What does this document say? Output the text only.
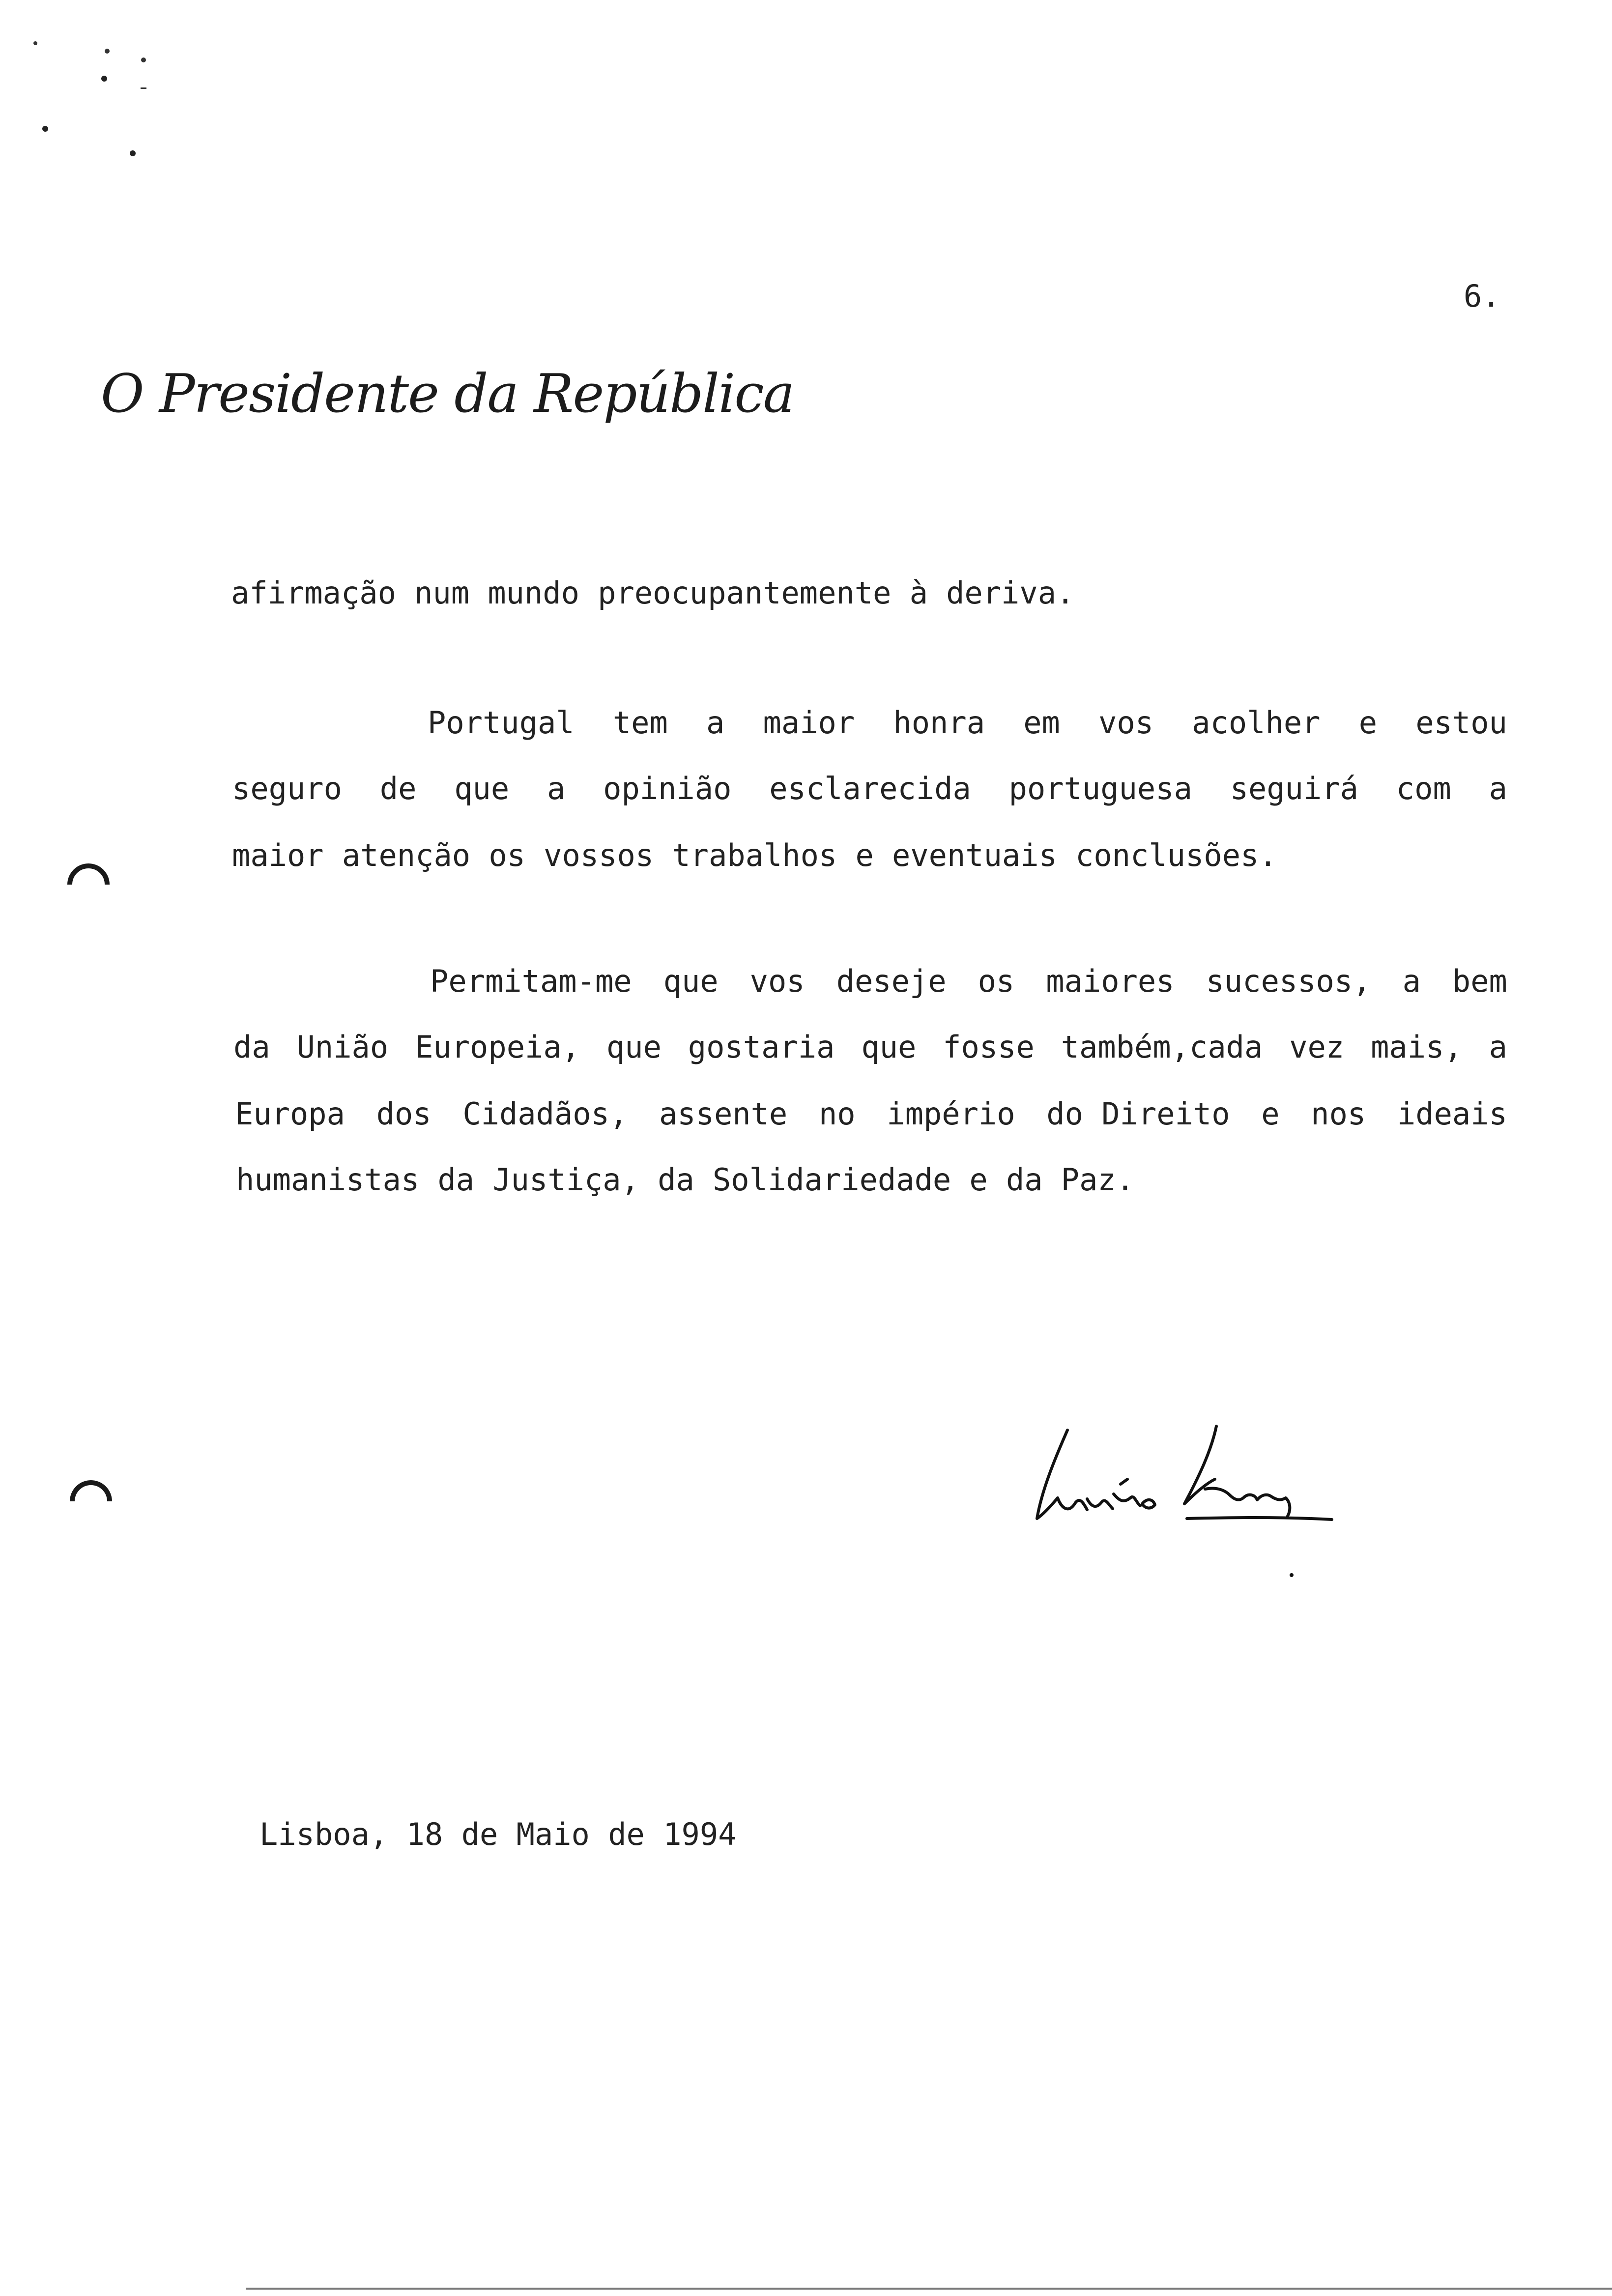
6.
O Presidente da República
afirmação num mundo preocupantemente à deriva.
Portugal tem a maior honra em vos acolher e estou
seguro de que a opinião esclarecida portuguesa seguirá com a
maior atenção os vossos trabalhos e eventuais conclusões.
Permitam-me que vos deseje os maiores sucessos, a bem
da União Europeia, que gostaria que fosse também,cada vez mais, a
Europa dos Cidadãos, assente no império do Direito e nos ideais
humanistas da Justiça, da Solidariedade e da Paz.
Lisboa, 18 de Maio de 1994
